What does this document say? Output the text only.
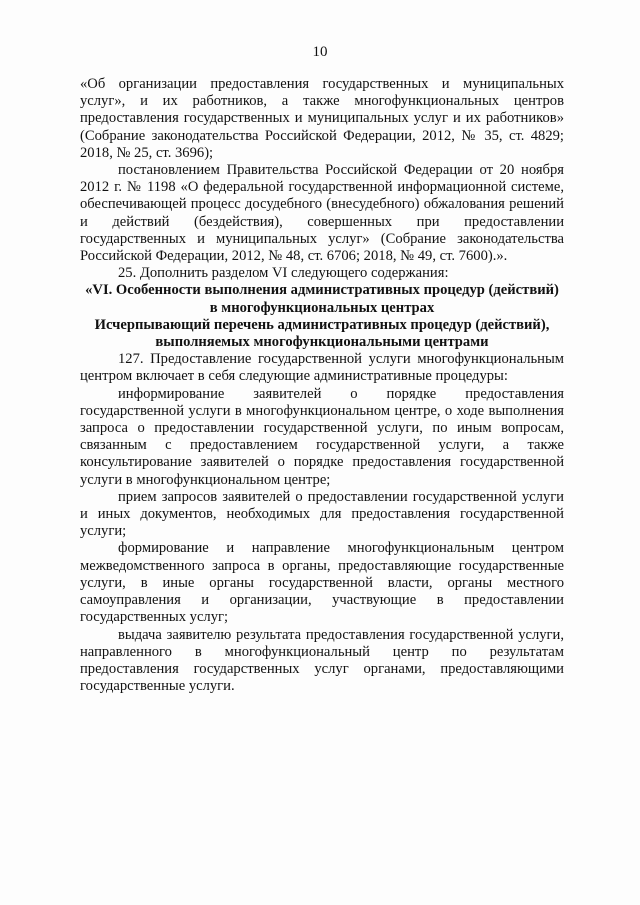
10

«Об организации предоставления государственных и муниципальных услуг», и их работников, а также многофункциональных центров предоставления государственных и муниципальных услуг и их работников» (Собрание законодательства Российской Федерации, 2012, № 35, ст. 4829; 2018, № 25, ст. 3696);

постановлением Правительства Российской Федерации от 20 ноября 2012 г. № 1198 «О федеральной государственной информационной системе, обеспечивающей процесс досудебного (внесудебного) обжалования решений и действий (бездействия), совершенных при предоставлении государственных и муниципальных услуг» (Собрание законодательства Российской Федерации, 2012, № 48, ст. 6706; 2018, № 49, ст. 7600).».

25. Дополнить разделом VI следующего содержания:

«VI. Особенности выполнения административных процедур (действий) в многофункциональных центрах

Исчерпывающий перечень административных процедур (действий), выполняемых многофункциональными центрами

127. Предоставление государственной услуги многофункциональным центром включает в себя следующие административные процедуры:

информирование заявителей о порядке предоставления государственной услуги в многофункциональном центре, о ходе выполнения запроса о предоставлении государственной услуги, по иным вопросам, связанным с предоставлением государственной услуги, а также консультирование заявителей о порядке предоставления государственной услуги в многофункциональном центре;

прием запросов заявителей о предоставлении государственной услуги и иных документов, необходимых для предоставления государственной услуги;

формирование и направление многофункциональным центром межведомственного запроса в органы, предоставляющие государственные услуги, в иные органы государственной власти, органы местного самоуправления и организации, участвующие в предоставлении государственных услуг;

выдача заявителю результата предоставления государственной услуги, направленного в многофункциональный центр по результатам предоставления государственных услуг органами, предоставляющими государственные услуги.
